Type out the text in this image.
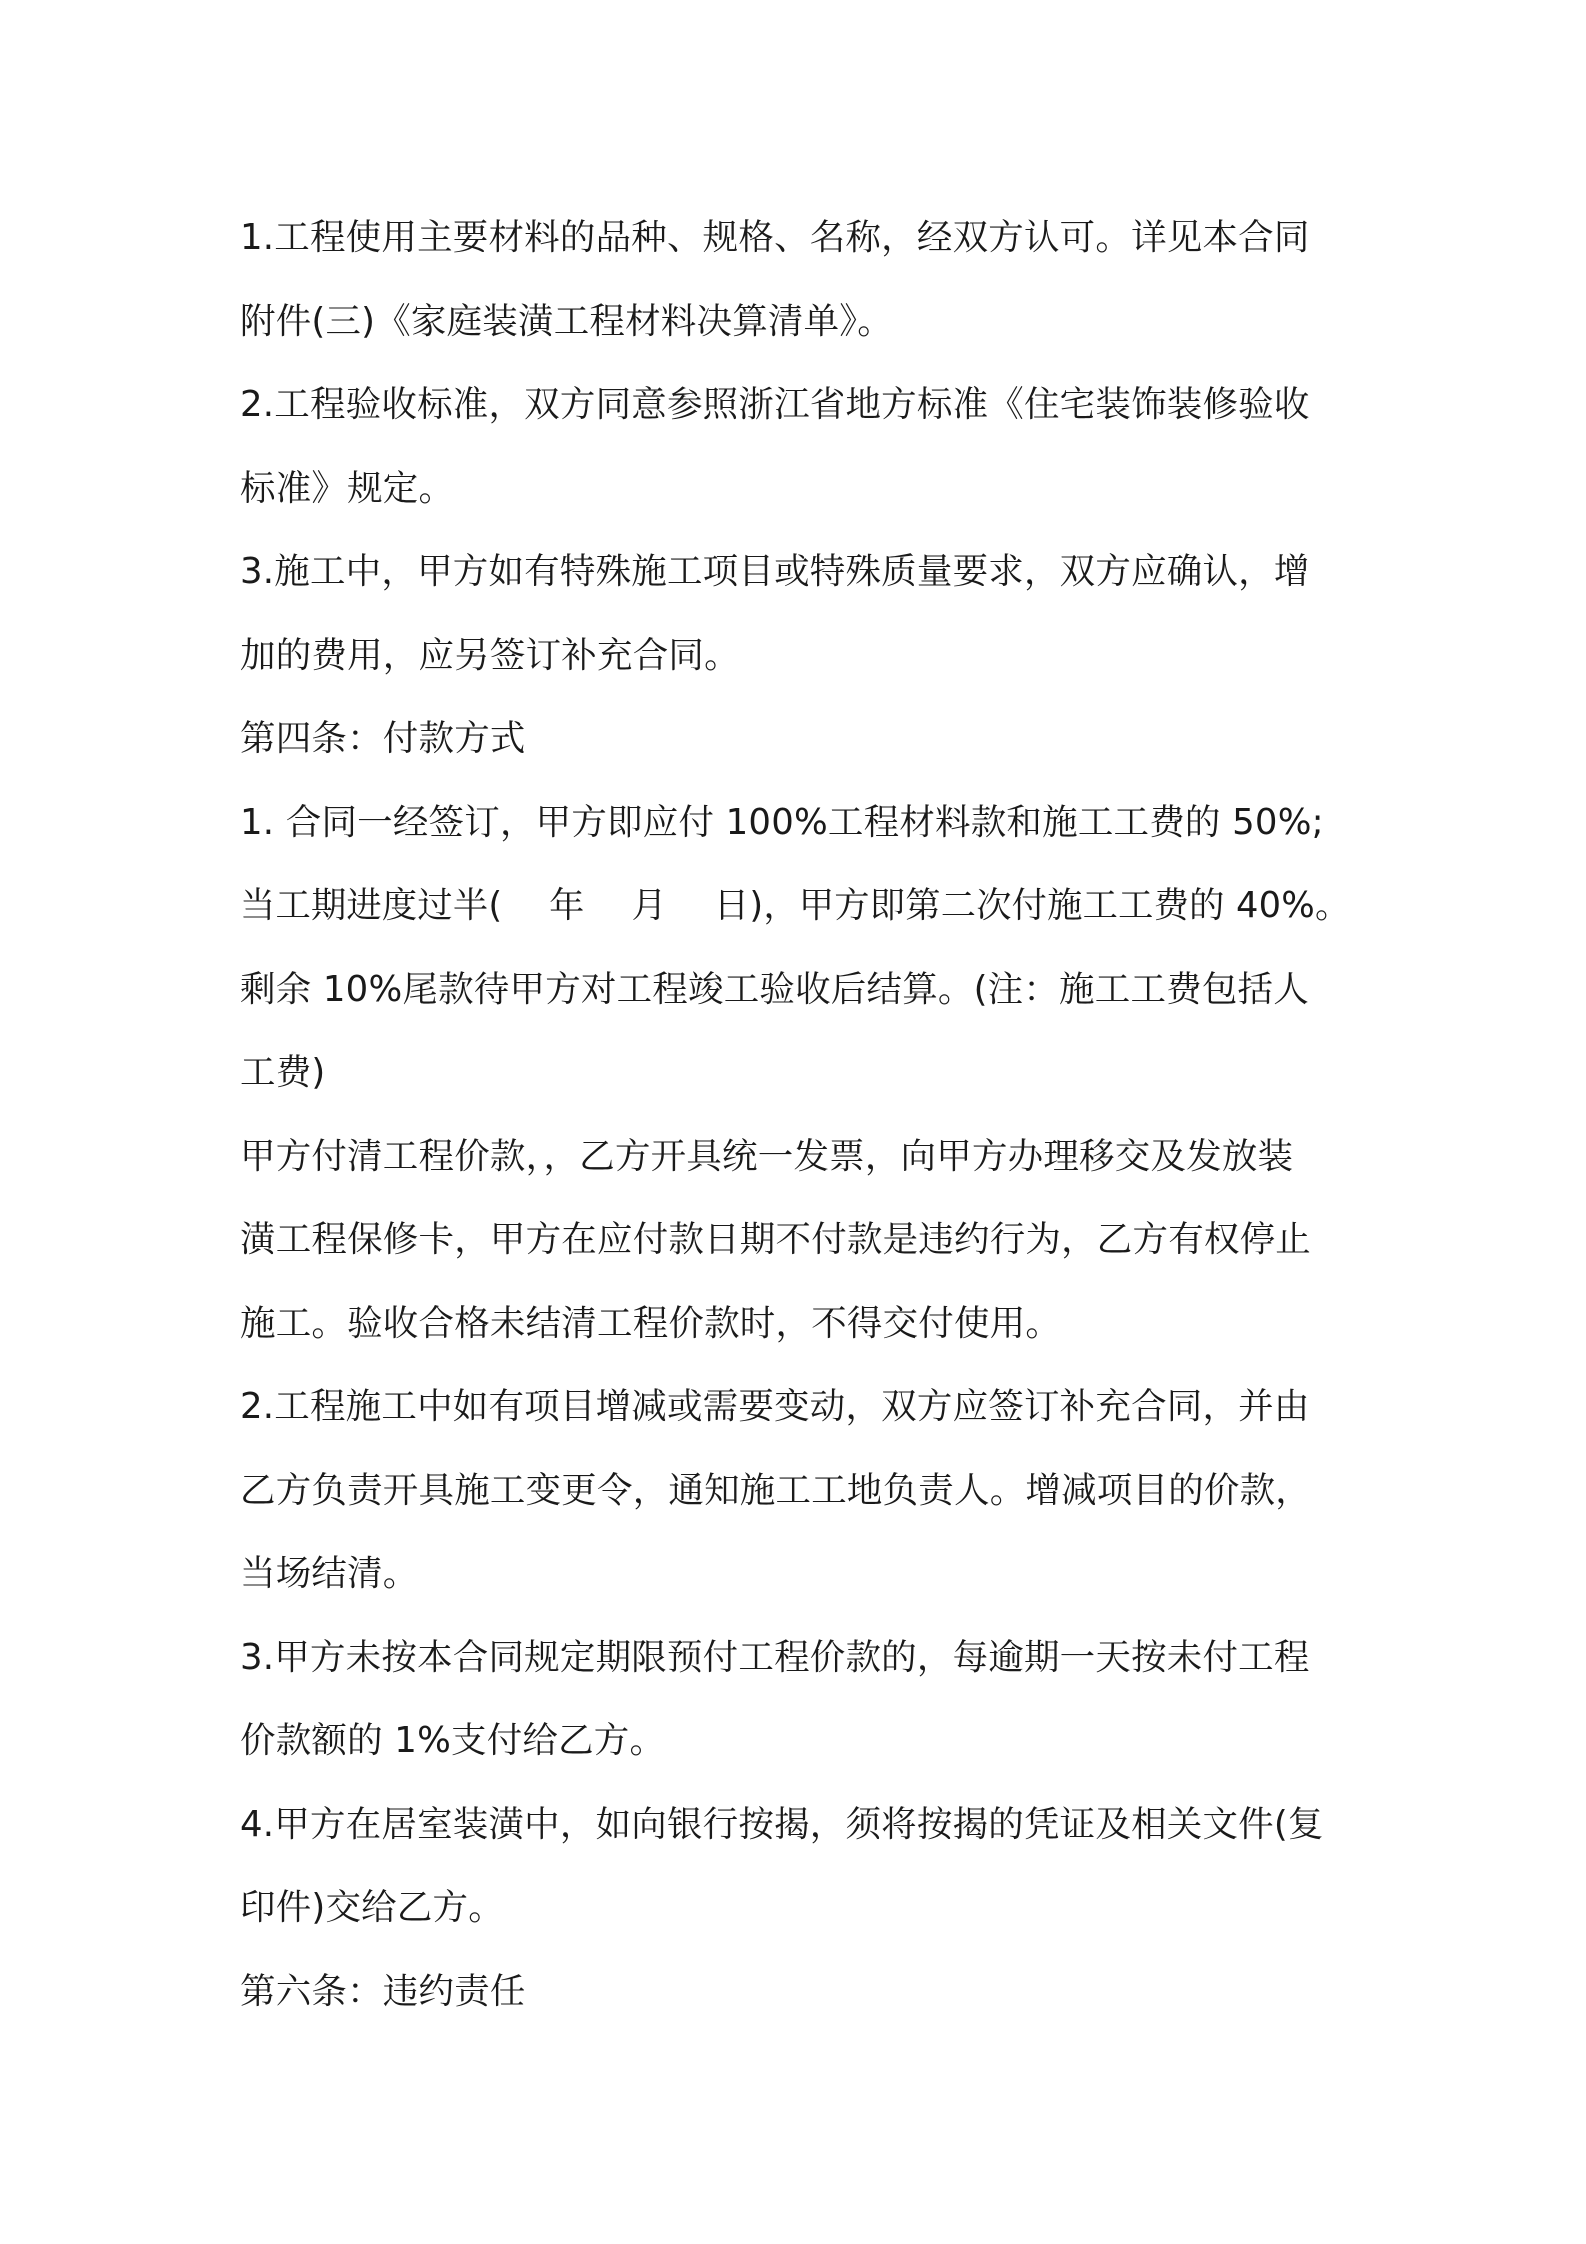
1.工程使用主要材料的品种、规格、名称，经双方认可。详见本合同
附件(三)《家庭装潢工程材料决算清单》。
2.工程验收标准，双方同意参照浙江省地方标准《住宅装饰装修验收
标准》规定。
3.施工中，甲方如有特殊施工项目或特殊质量要求，双方应确认，增
加的费用，应另签订补充合同。
第四条：付款方式
1. 合同一经签订，甲方即应付 100%工程材料款和施工工费的 50%;
当工期进度过半(　 年　 月　 日)，甲方即第二次付施工工费的 40%。
剩余 10%尾款待甲方对工程竣工验收后结算。(注：施工工费包括人
工费)
甲方付清工程价款，，乙方开具统一发票，向甲方办理移交及发放装
潢工程保修卡，甲方在应付款日期不付款是违约行为，乙方有权停止
施工。验收合格未结清工程价款时，不得交付使用。
2.工程施工中如有项目增减或需要变动，双方应签订补充合同，并由
乙方负责开具施工变更令，通知施工工地负责人。增减项目的价款，
当场结清。
3.甲方未按本合同规定期限预付工程价款的，每逾期一天按未付工程
价款额的 1%支付给乙方。
4.甲方在居室装潢中，如向银行按揭，须将按揭的凭证及相关文件(复
印件)交给乙方。
第六条：违约责任
